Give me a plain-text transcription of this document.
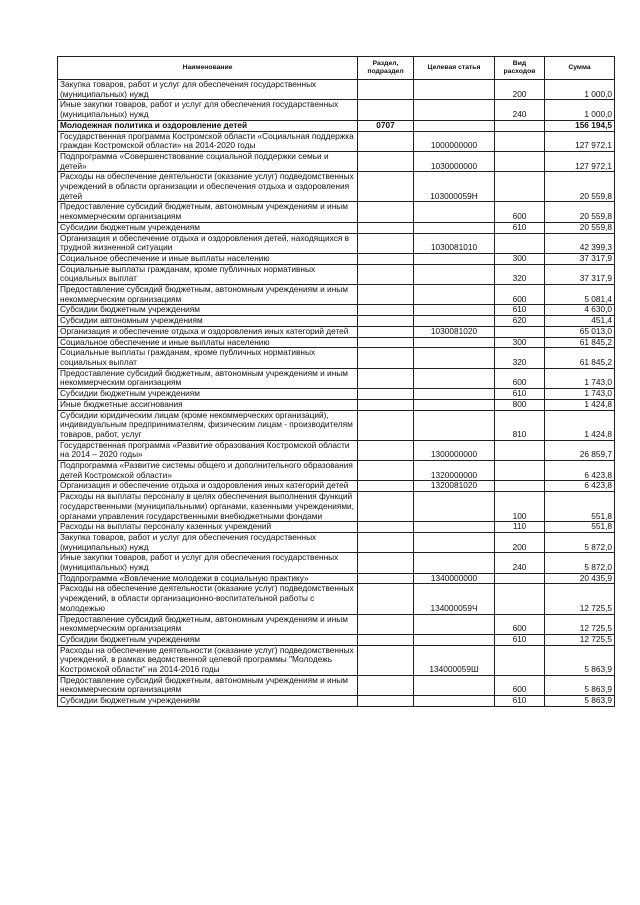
Наименование	Раздел, подраздел	Целевая статья	Вид расходов	Сумма
Закупка товаров, работ и услуг для обеспечения государственных (муниципальных) нужд			200	1 000,0
Иные закупки товаров, работ и услуг для обеспечения государственных (муниципальных) нужд			240	1 000,0
Молодежная политика и оздоровление детей	0707			156 194,5
Государственная программа Костромской области «Социальная поддержка граждан Костромской области» на 2014-2020 годы		1000000000		127 972,1
Подпрограмма «Совершенствование социальной поддержки семьи и детей»		1030000000		127 972,1
Расходы на обеспечение деятельности (оказание услуг) подведомственных учреждений в области организации и обеспечения отдыха и оздоровления детей		103000059Н		20 559,8
Предоставление субсидий бюджетным, автономным учреждениям и иным некоммерческим организациям			600	20 559,8
Субсидии бюджетным учреждениям			610	20 559,8
Организация и обеспечение отдыха и оздоровления детей, находящихся в трудной жизненной ситуации		1030081010		42 399,3
Социальное обеспечение и иные выплаты населению			300	37 317,9
Социальные выплаты гражданам, кроме публичных нормативных социальных выплат			320	37 317,9
Предоставление субсидий бюджетным, автономным учреждениям и иным некоммерческим организациям			600	5 081,4
Субсидии бюджетным учреждениям			610	4 630,0
Субсидии автономным учреждениям			620	451,4
Организация и обеспечение отдыха и оздоровления иных категорий детей		1030081020		65 013,0
Социальное обеспечение и иные выплаты населению			300	61 845,2
Социальные выплаты гражданам, кроме публичных нормативных социальных выплат			320	61 845,2
Предоставление субсидий бюджетным, автономным учреждениям и иным некоммерческим организациям			600	1 743,0
Субсидии бюджетным учреждениям			610	1 743,0
Иные бюджетные ассигнования			800	1 424,8
Субсидии юридическим лицам (кроме некоммерческих организаций), индивидуальным предпринимателям, физическим лицам - производителям товаров, работ, услуг			810	1 424,8
Государственная программа «Развитие образования Костромской области на 2014 – 2020 годы»		1300000000		26 859,7
Подпрограмма «Развитие системы общего и дополнительного образования детей Костромской области»		1320000000		6 423,8
Организация и обеспечение отдыха и оздоровления иных категорий детей		1320081020		6 423,8
Расходы на выплаты персоналу в целях обеспечения выполнения функций государственными (муниципальными) органами, казенными учреждениями, органами управления государственными внебюджетными фондами			100	551,8
Расходы на выплаты персоналу казенных учреждений			110	551,8
Закупка товаров, работ и услуг для обеспечения государственных (муниципальных) нужд			200	5 872,0
Иные закупки товаров, работ и услуг для обеспечения государственных (муниципальных) нужд			240	5 872,0
Подпрограмма «Вовлечение молодежи в социальную практику»		1340000000		20 435,9
Расходы на обеспечение деятельности (оказание услуг) подведомственных учреждений, в области организационно-воспитательной работы с молодежью		134000059Ч		12 725,5
Предоставление субсидий бюджетным, автономным учреждениям и иным некоммерческим организациям			600	12 725,5
Субсидии бюджетным учреждениям			610	12 725,5
Расходы на обеспечение деятельности (оказание услуг) подведомственных учреждений, в рамках ведомственной целевой программы "Молодежь Костромской области" на 2014-2016 годы		134000059Ш		5 863,9
Предоставление субсидий бюджетным, автономным учреждениям и иным некоммерческим организациям			600	5 863,9
Субсидии бюджетным учреждениям			610	5 863,9
